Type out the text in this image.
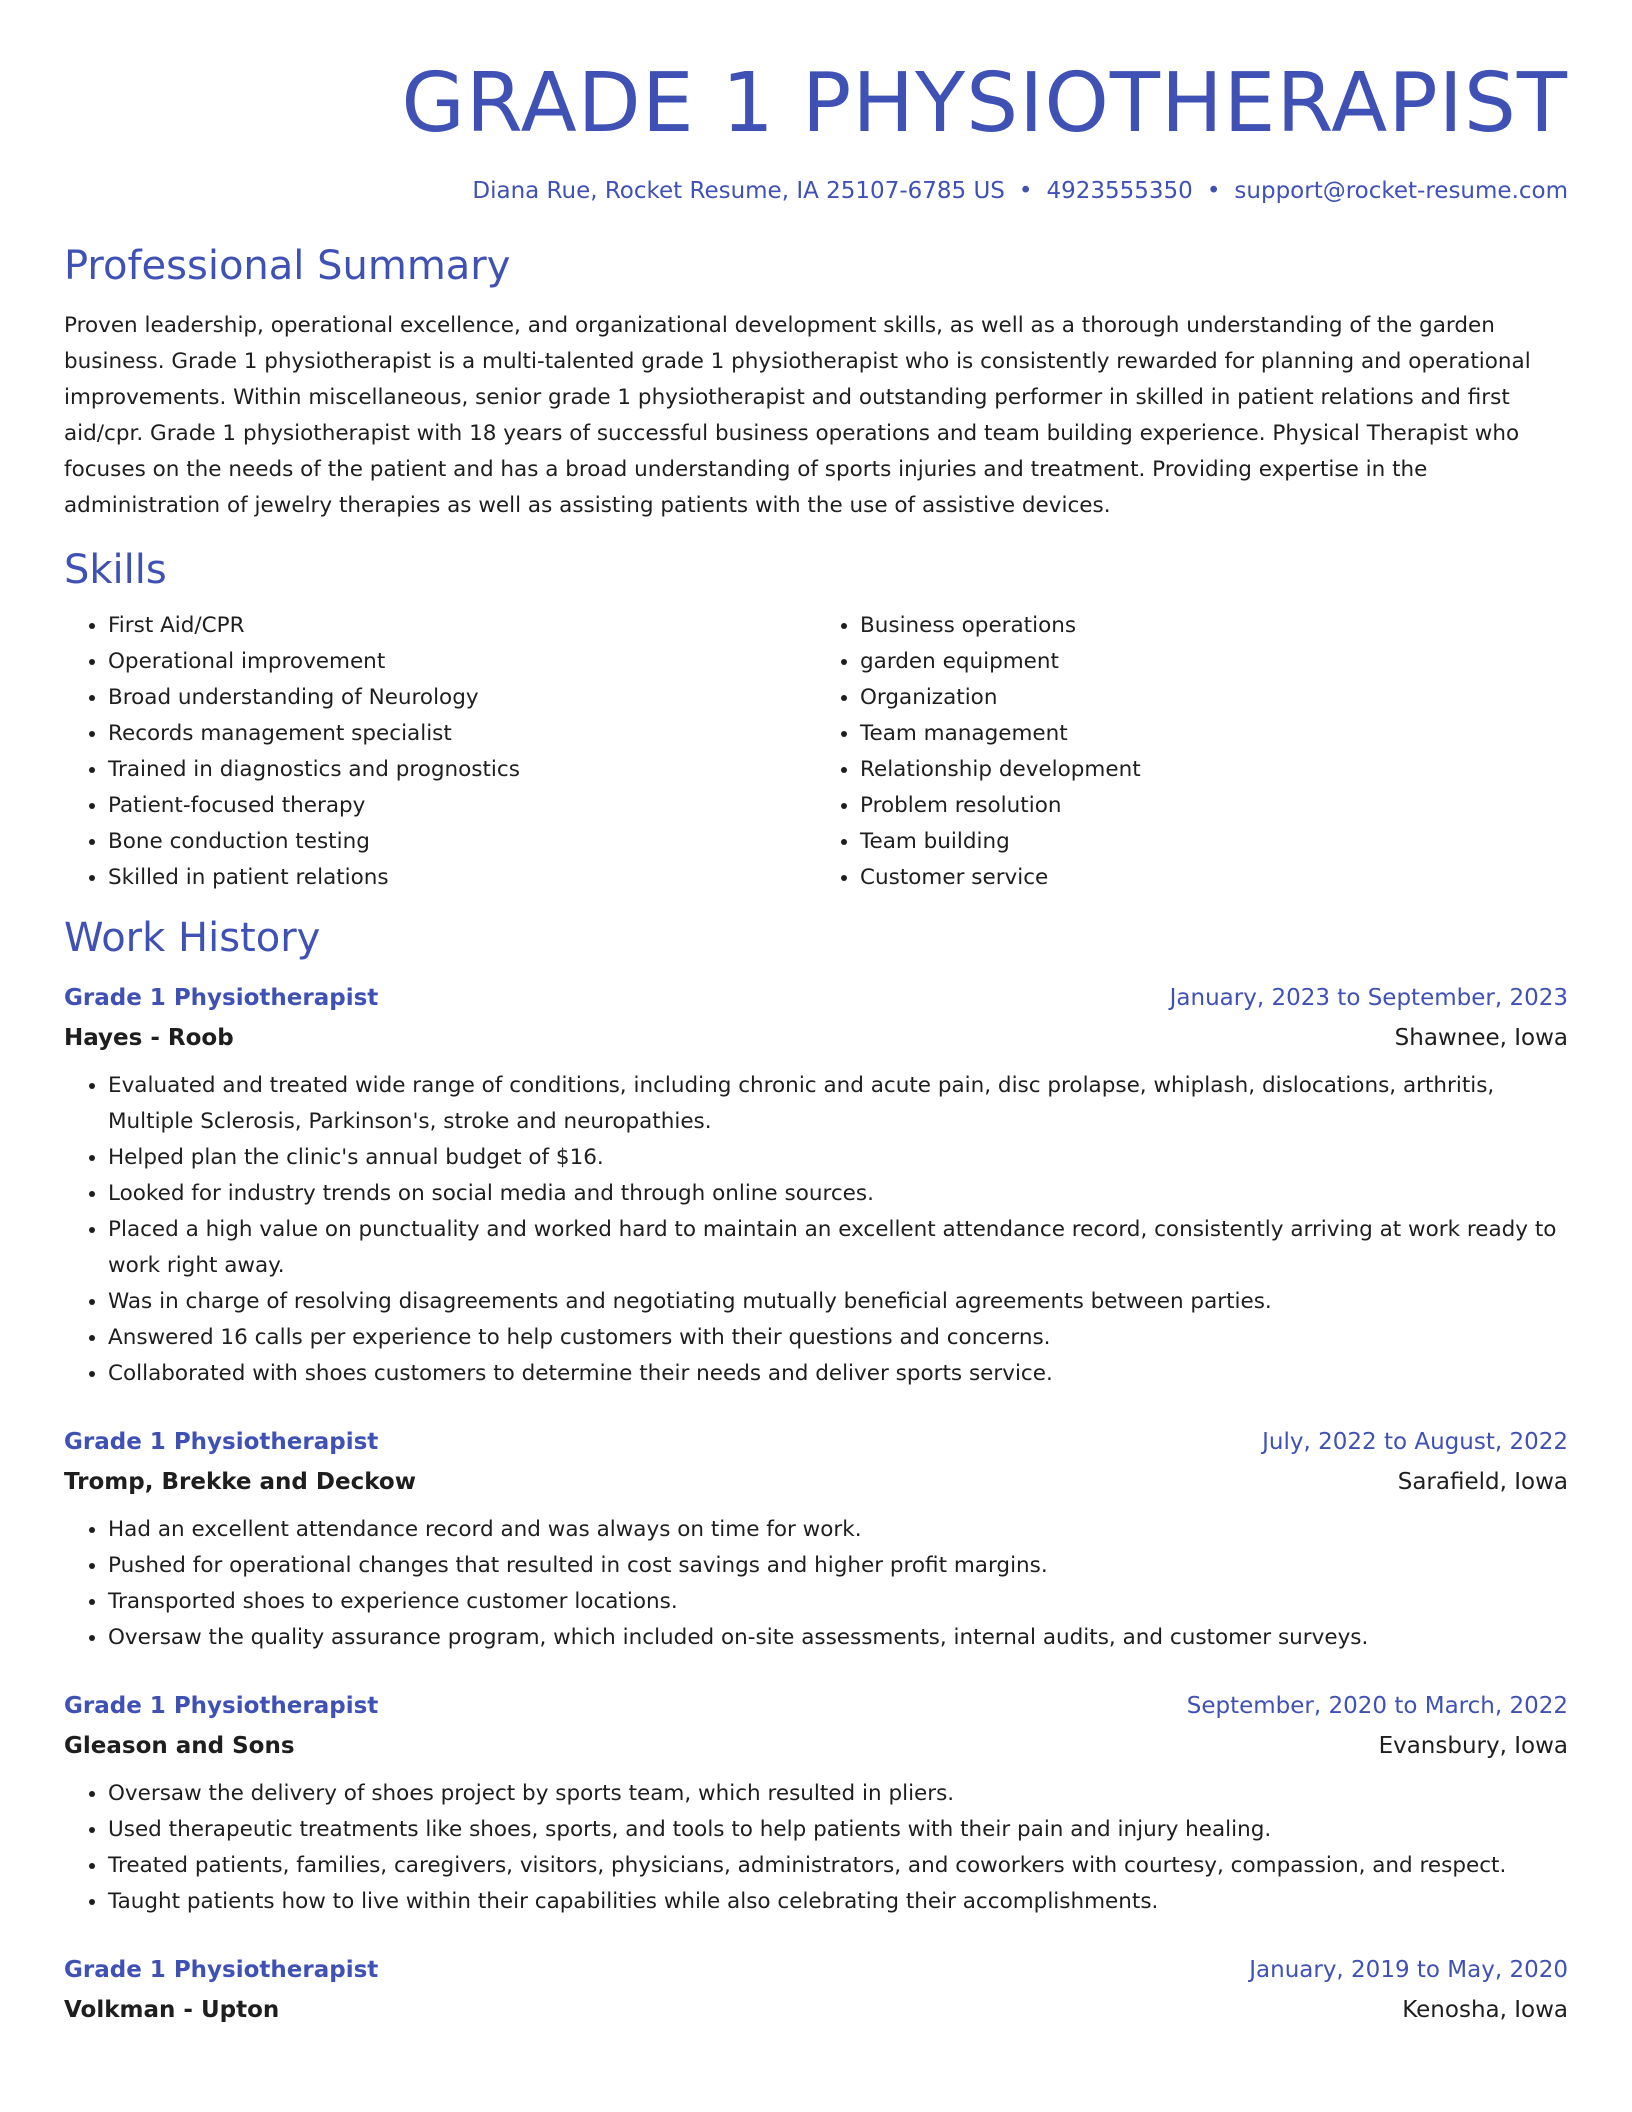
GRADE 1 PHYSIOTHERAPIST
Diana Rue, Rocket Resume, IA 25107-6785 US • 4923555350 • support@rocket-resume.com
Professional Summary

Proven leadership, operational excellence, and organizational development skills, as well as a thorough understanding of the garden business. Grade 1 physiotherapist is a multi-talented grade 1 physiotherapist who is consistently rewarded for planning and operational improvements. Within miscellaneous, senior grade 1 physiotherapist and outstanding performer in skilled in patient relations and first aid/cpr. Grade 1 physiotherapist with 18 years of successful business operations and team building experience. Physical Therapist who focuses on the needs of the patient and has a broad understanding of sports injuries and treatment. Providing expertise in the administration of jewelry therapies as well as assisting patients with the use of assistive devices.

Skills
• First Aid/CPR
• Operational improvement
• Broad understanding of Neurology
• Records management specialist
• Trained in diagnostics and prognostics
• Patient-focused therapy
• Bone conduction testing
• Skilled in patient relations
• Business operations
• garden equipment
• Organization
• Team management
• Relationship development
• Problem resolution
• Team building
• Customer service
Work History
Grade 1 Physiotherapist	January, 2023 to September, 2023
Hayes - Roob	Shawnee, Iowa
• Evaluated and treated wide range of conditions, including chronic and acute pain, disc prolapse, whiplash, dislocations, arthritis, Multiple Sclerosis, Parkinson's, stroke and neuropathies.
• Helped plan the clinic's annual budget of $16.
• Looked for industry trends on social media and through online sources.
• Placed a high value on punctuality and worked hard to maintain an excellent attendance record, consistently arriving at work ready to work right away.
• Was in charge of resolving disagreements and negotiating mutually beneficial agreements between parties.
• Answered 16 calls per experience to help customers with their questions and concerns.
• Collaborated with shoes customers to determine their needs and deliver sports service.
Grade 1 Physiotherapist	July, 2022 to August, 2022
Tromp, Brekke and Deckow	Sarafield, Iowa
• Had an excellent attendance record and was always on time for work.
• Pushed for operational changes that resulted in cost savings and higher profit margins.
• Transported shoes to experience customer locations.
• Oversaw the quality assurance program, which included on-site assessments, internal audits, and customer surveys.
Grade 1 Physiotherapist	September, 2020 to March, 2022
Gleason and Sons	Evansbury, Iowa
• Oversaw the delivery of shoes project by sports team, which resulted in pliers.
• Used therapeutic treatments like shoes, sports, and tools to help patients with their pain and injury healing.
• Treated patients, families, caregivers, visitors, physicians, administrators, and coworkers with courtesy, compassion, and respect.
• Taught patients how to live within their capabilities while also celebrating their accomplishments.
Grade 1 Physiotherapist	January, 2019 to May, 2020
Volkman - Upton	Kenosha, Iowa
